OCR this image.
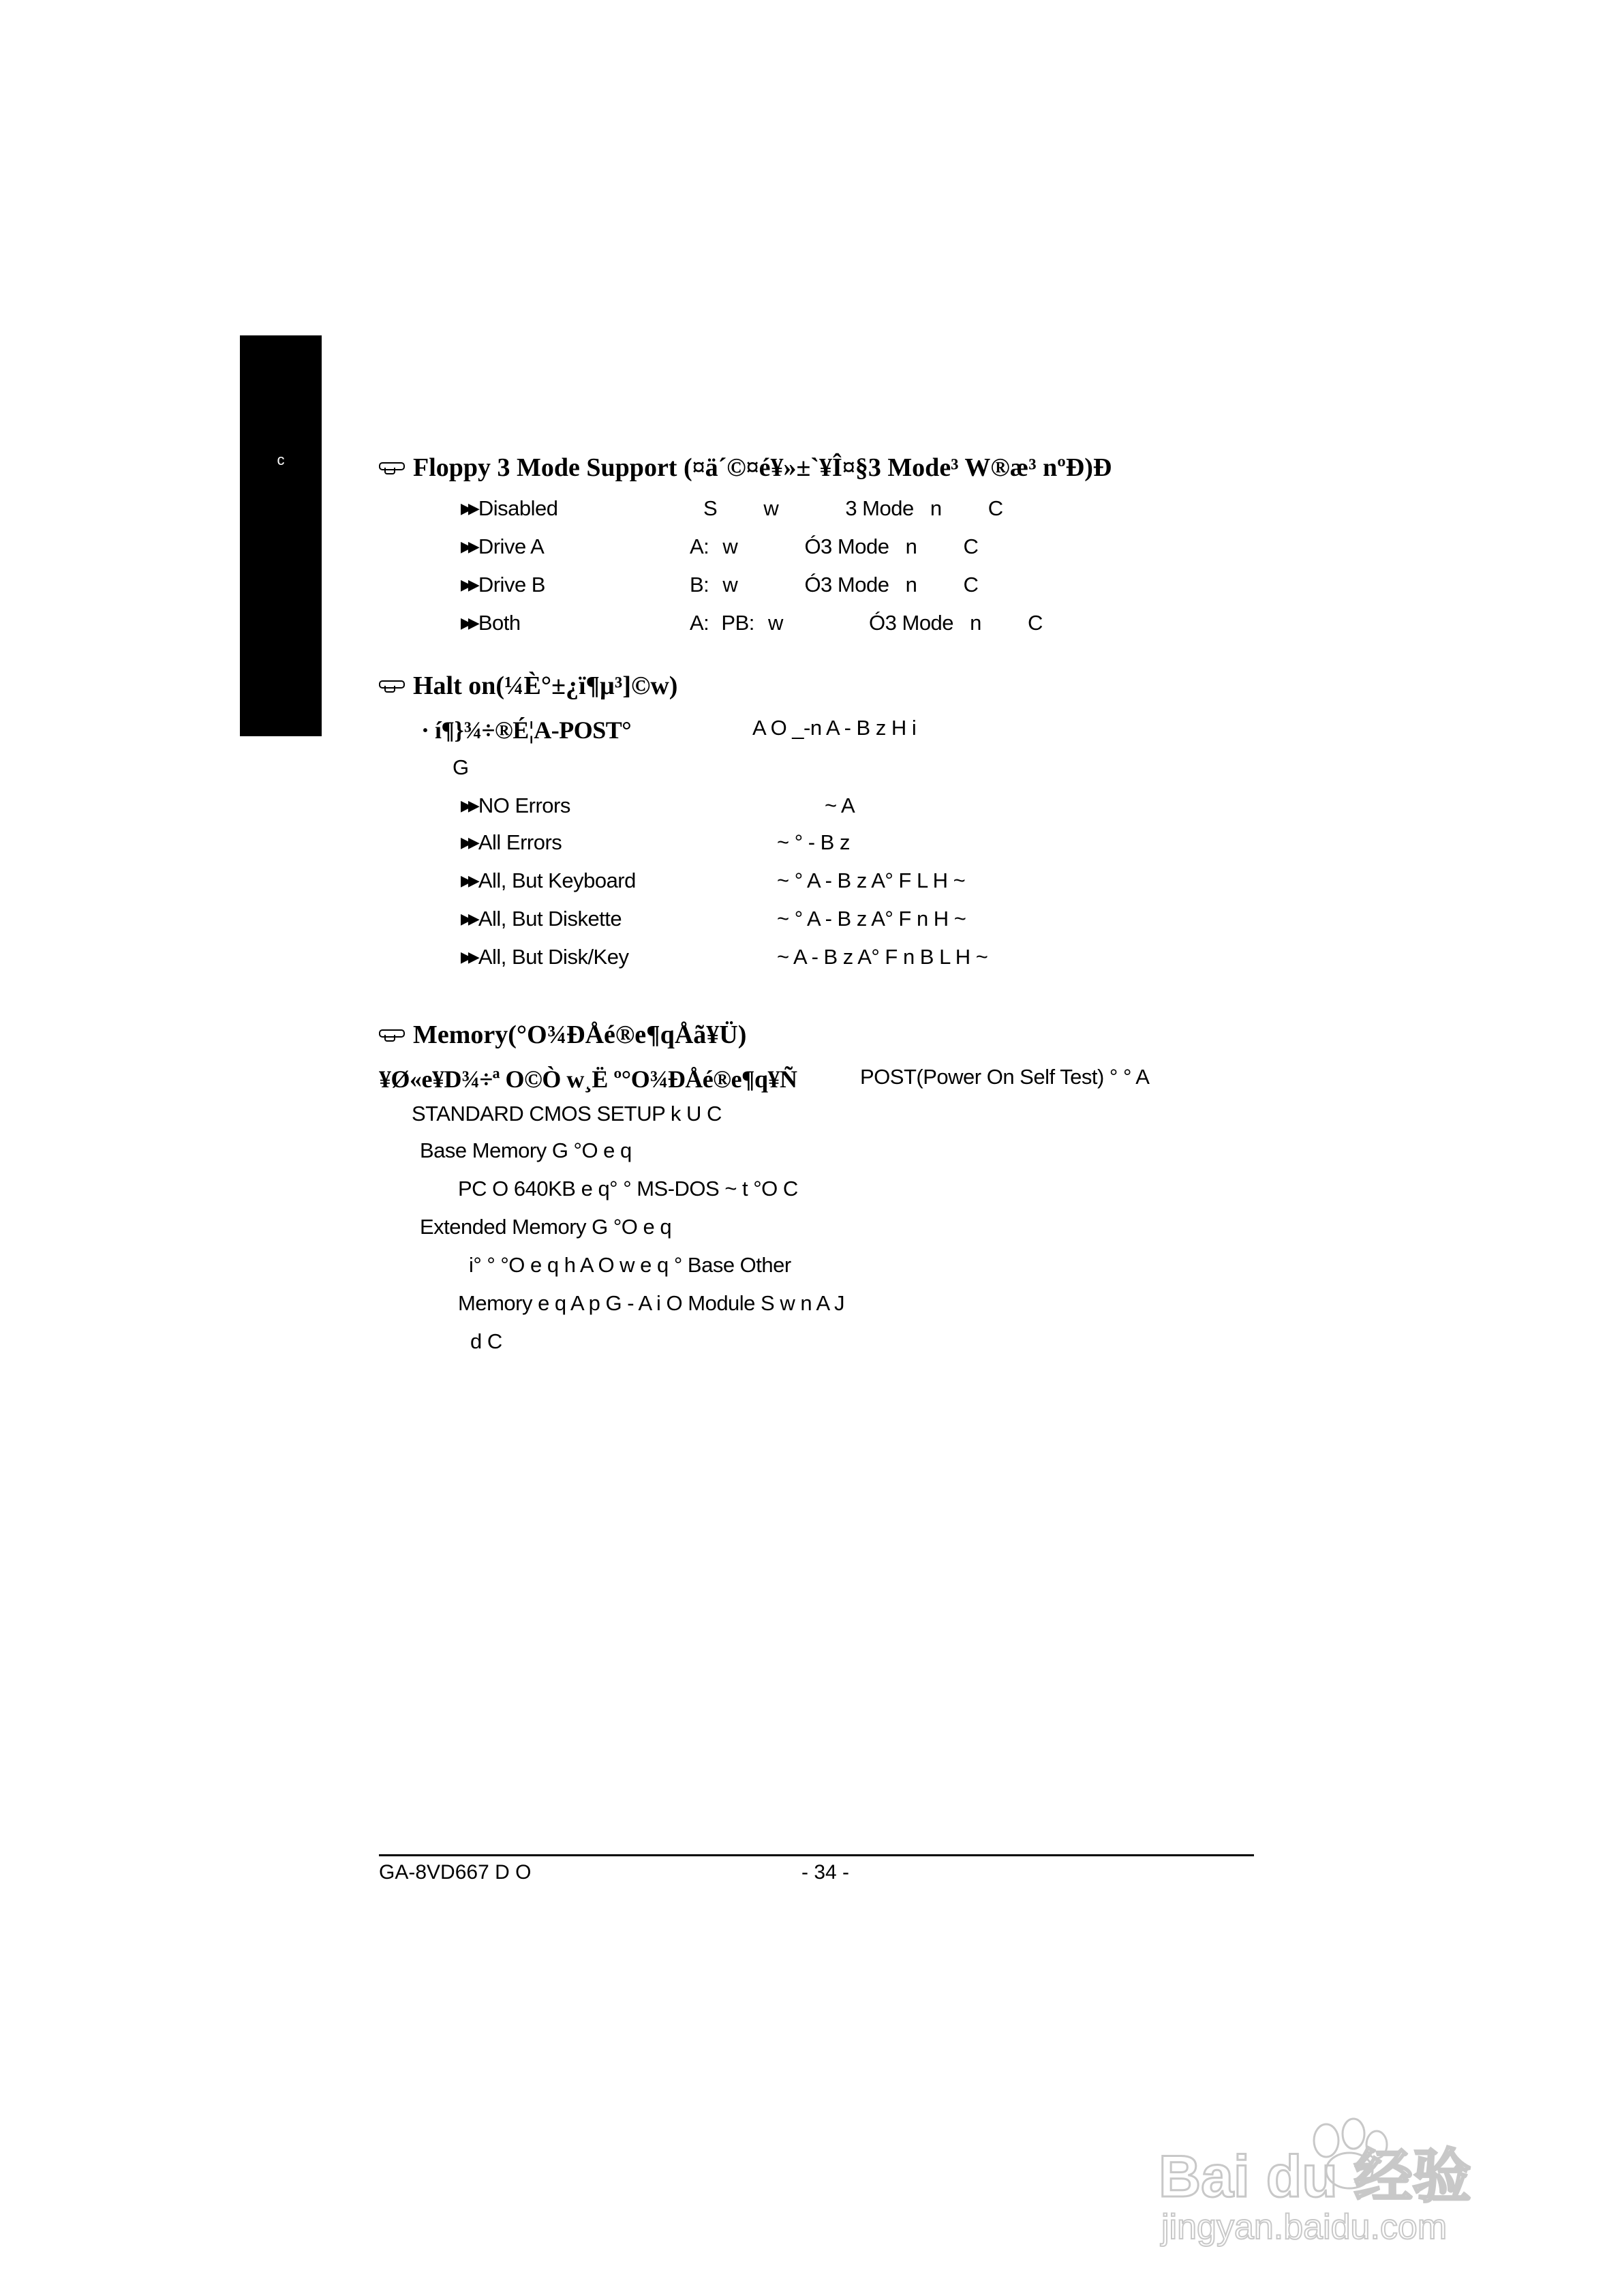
c	Floppy 3 Mode Support (¤ä´©¤é¥»±`¥Î¤§3 Mode³ W®æ³ nºÐ)Ð
▶▶ Disabled	S w	3 Mode n C
▶▶ Drive A	A: w	Ó3 Mode n C
▶▶ Drive B	B: w	Ó3 Mode n C
▶▶ Both	A: PB: w	Ó3 Mode n C
Halt on(¼È°±¿ï¶µ³]©w)
· í¶}¾÷®É¦A-POST°	A O _-n A - B z H i
G
▶▶ NO Errors	~ A
▶▶ All Errors	~ ° - B z
▶▶ All, But Keyboard	~ ° A - B z A° F L H ~
▶▶ All, But Diskette	~ ° A - B z A° F n H ~
▶▶ All, But Disk/Key	~ A - B z A° F n B L H ~
Memory(°O¾ÐÅé®e¶qÅã¥Ü)
¥Ø«e¥D¾÷ª O©Ò w¸Ë º°O¾ÐÅé®e¶q¥Ñ	POST(Power On Self Test) ° ° A
STANDARD CMOS SETUP k U C
Base Memory G °O e q
PC O 640KB e q° ° MS-DOS ~ t °O C
Extended Memory G °O e q
i° ° °O e q h A O w e q ° Base Other
Memory e q A p G - A i O Module S w n A J
d C
GA-8VD667 D O	- 34 -
Bai du 经验
jingyan.baidu.com
